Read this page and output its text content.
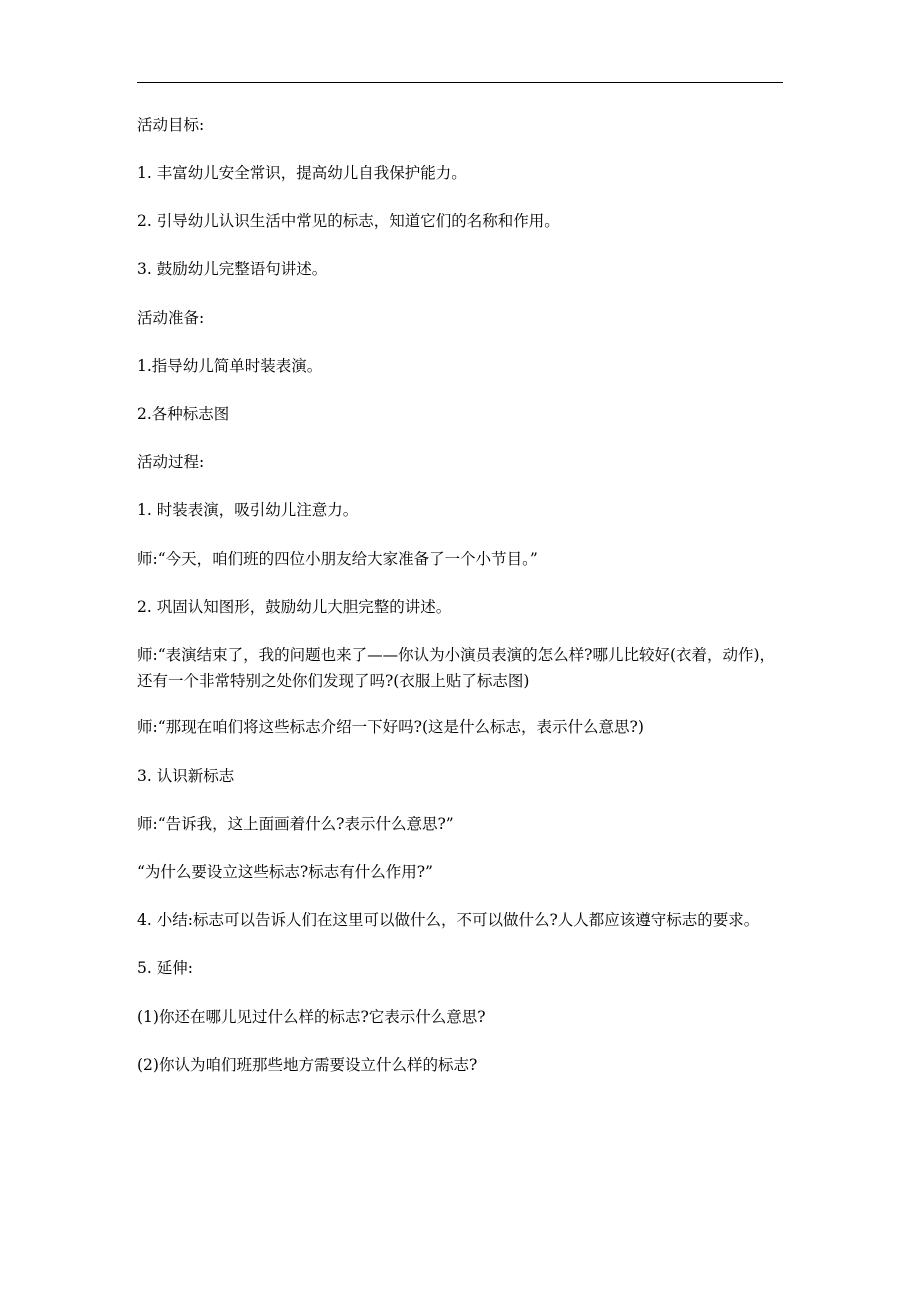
活动目标:
1. 丰富幼儿安全常识，提高幼儿自我保护能力。
2. 引导幼儿认识生活中常见的标志，知道它们的名称和作用。
3. 鼓励幼儿完整语句讲述。
活动准备:
1.指导幼儿简单时装表演。
2.各种标志图
活动过程:
1. 时装表演，吸引幼儿注意力。
师:“今天，咱们班的四位小朋友给大家准备了一个小节目。”
2. 巩固认知图形，鼓励幼儿大胆完整的讲述。
师:“表演结束了，我的问题也来了——你认为小演员表演的怎么样?哪儿比较好(衣着，动作)，还有一个非常特别之处你们发现了吗?(衣服上贴了标志图)
师:“那现在咱们将这些标志介绍一下好吗?(这是什么标志，表示什么意思?)
3. 认识新标志
师:“告诉我，这上面画着什么?表示什么意思?”
“为什么要设立这些标志?标志有什么作用?”
4. 小结:标志可以告诉人们在这里可以做什么，不可以做什么?人人都应该遵守标志的要求。
5. 延伸:
(1)你还在哪儿见过什么样的标志?它表示什么意思?
(2)你认为咱们班那些地方需要设立什么样的标志?
